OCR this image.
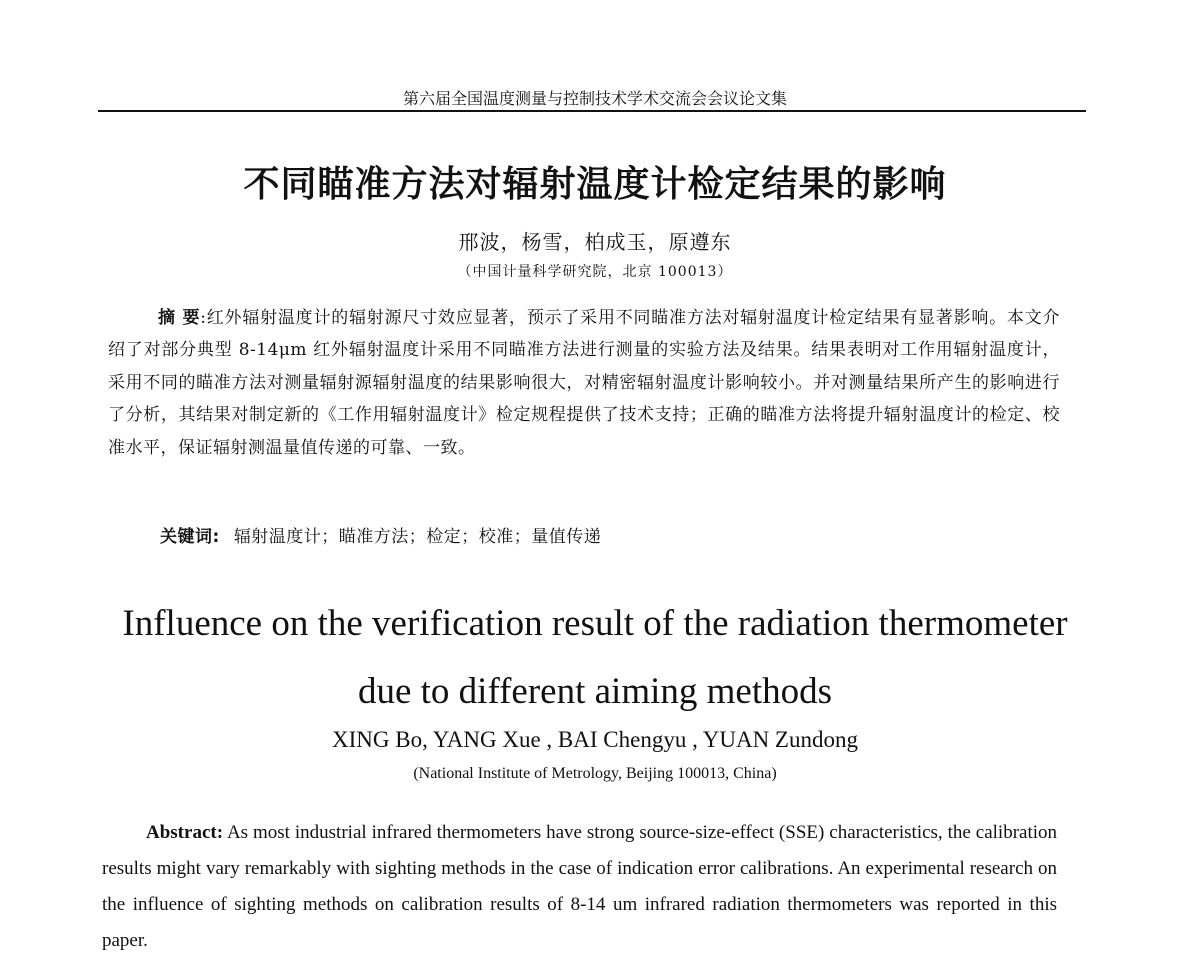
第六届全国温度测量与控制技术学术交流会会议论文集
不同瞄准方法对辐射温度计检定结果的影响
邢波，杨雪，柏成玉，原遵东
（中国计量科学研究院，北京 100013）
摘 要:红外辐射温度计的辐射源尺寸效应显著，预示了采用不同瞄准方法对辐射温度计检定结果有显著影响。本文介绍了对部分典型 8-14μm 红外辐射温度计采用不同瞄准方法进行测量的实验方法及结果。结果表明对工作用辐射温度计，采用不同的瞄准方法对测量辐射源辐射温度的结果影响很大，对精密辐射温度计影响较小。并对测量结果所产生的影响进行了分析，其结果对制定新的《工作用辐射温度计》检定规程提供了技术支持；正确的瞄准方法将提升辐射温度计的检定、校准水平，保证辐射测温量值传递的可靠、一致。
关键词: 辐射温度计；瞄准方法；检定；校准；量值传递
Influence on the verification result of the radiation thermometer
due to different aiming methods
XING Bo, YANG Xue , BAI Chengyu , YUAN Zundong
(National Institute of Metrology, Beijing 100013, China)
Abstract: As most industrial infrared thermometers have strong source-size-effect (SSE) characteristics, the calibration results might vary remarkably with sighting methods in the case of indication error calibrations. An experimental research on the influence of sighting methods on calibration results of 8-14 um infrared radiation thermometers was reported in this paper.
